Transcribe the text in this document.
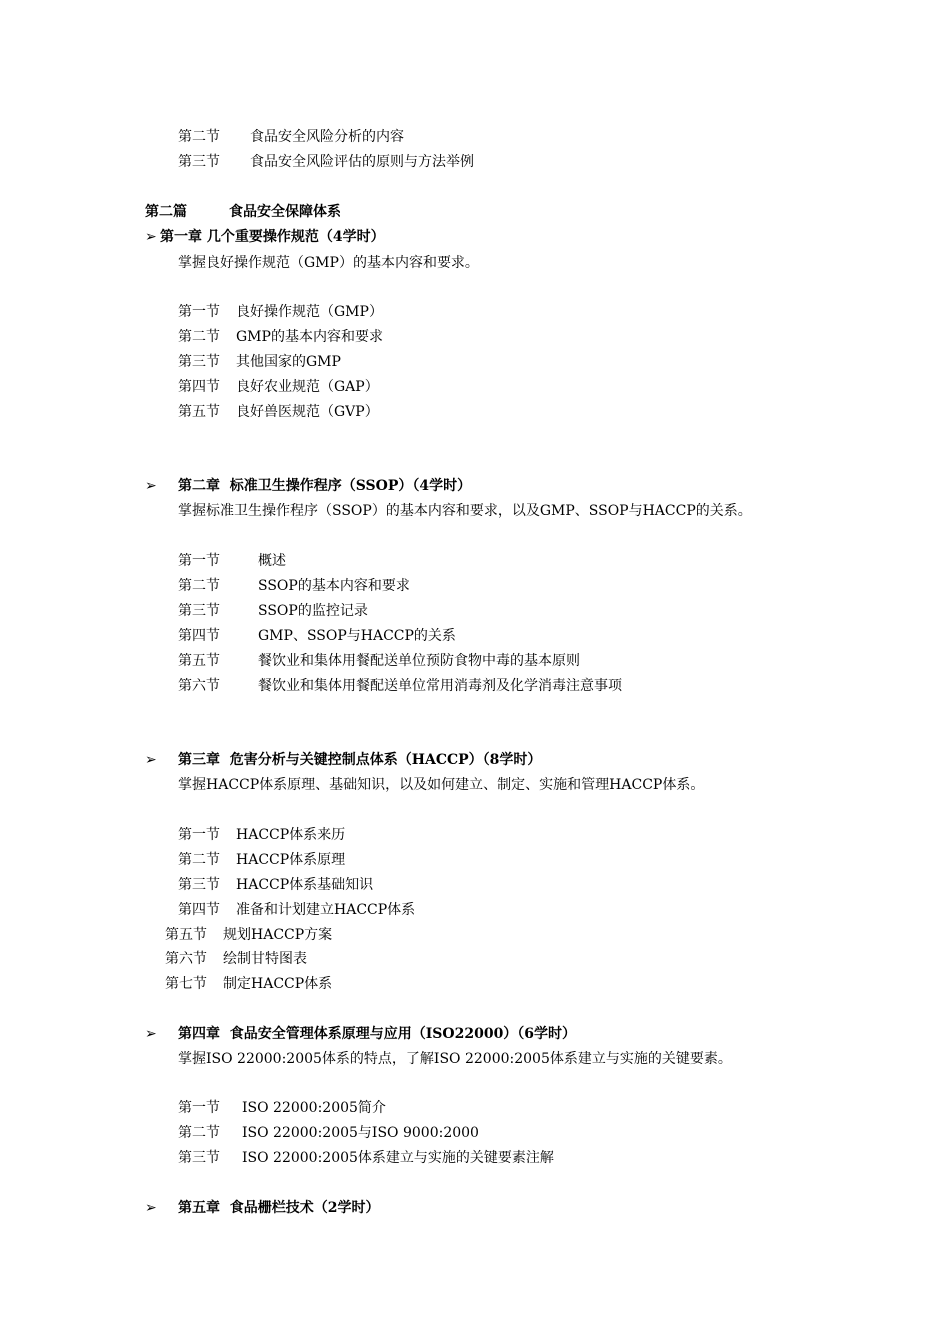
第二节 食品安全风险分析的内容
第三节 食品安全风险评估的原则与方法举例
第二篇	食品安全保障体系
➢ 第一章 几个重要操作规范（4学时）
掌握良好操作规范（GMP）的基本内容和要求。
第一节 良好操作规范（GMP）
第二节 GMP的基本内容和要求
第三节 其他国家的GMP
第四节 良好农业规范（GAP）
第五节 良好兽医规范（GVP）
➢ 第二章  标准卫生操作程序（SSOP）（4学时）
掌握标准卫生操作程序（SSOP）的基本内容和要求，以及GMP、SSOP与HACCP的关系。
第一节	概述
第二节	SSOP的基本内容和要求
第三节	SSOP的监控记录
第四节	GMP、SSOP与HACCP的关系
第五节	餐饮业和集体用餐配送单位预防食物中毒的基本原则
第六节	餐饮业和集体用餐配送单位常用消毒剂及化学消毒注意事项
➢ 第三章  危害分析与关键控制点体系（HACCP）（8学时）
掌握HACCP体系原理、基础知识，以及如何建立、制定、实施和管理HACCP体系。
第一节 HACCP体系来历
第二节 HACCP体系原理
第三节 HACCP体系基础知识
第四节 准备和计划建立HACCP体系
第五节 规划HACCP方案
第六节 绘制甘特图表
第七节 制定HACCP体系
➢ 第四章  食品安全管理体系原理与应用（ISO22000）（6学时）
掌握ISO 22000:2005体系的特点，了解ISO 22000:2005体系建立与实施的关键要素。
第一节 ISO 22000:2005简介
第二节 ISO 22000:2005与ISO 9000:2000
第三节 ISO 22000:2005体系建立与实施的关键要素注解
➢ 第五章  食品栅栏技术（2学时）
